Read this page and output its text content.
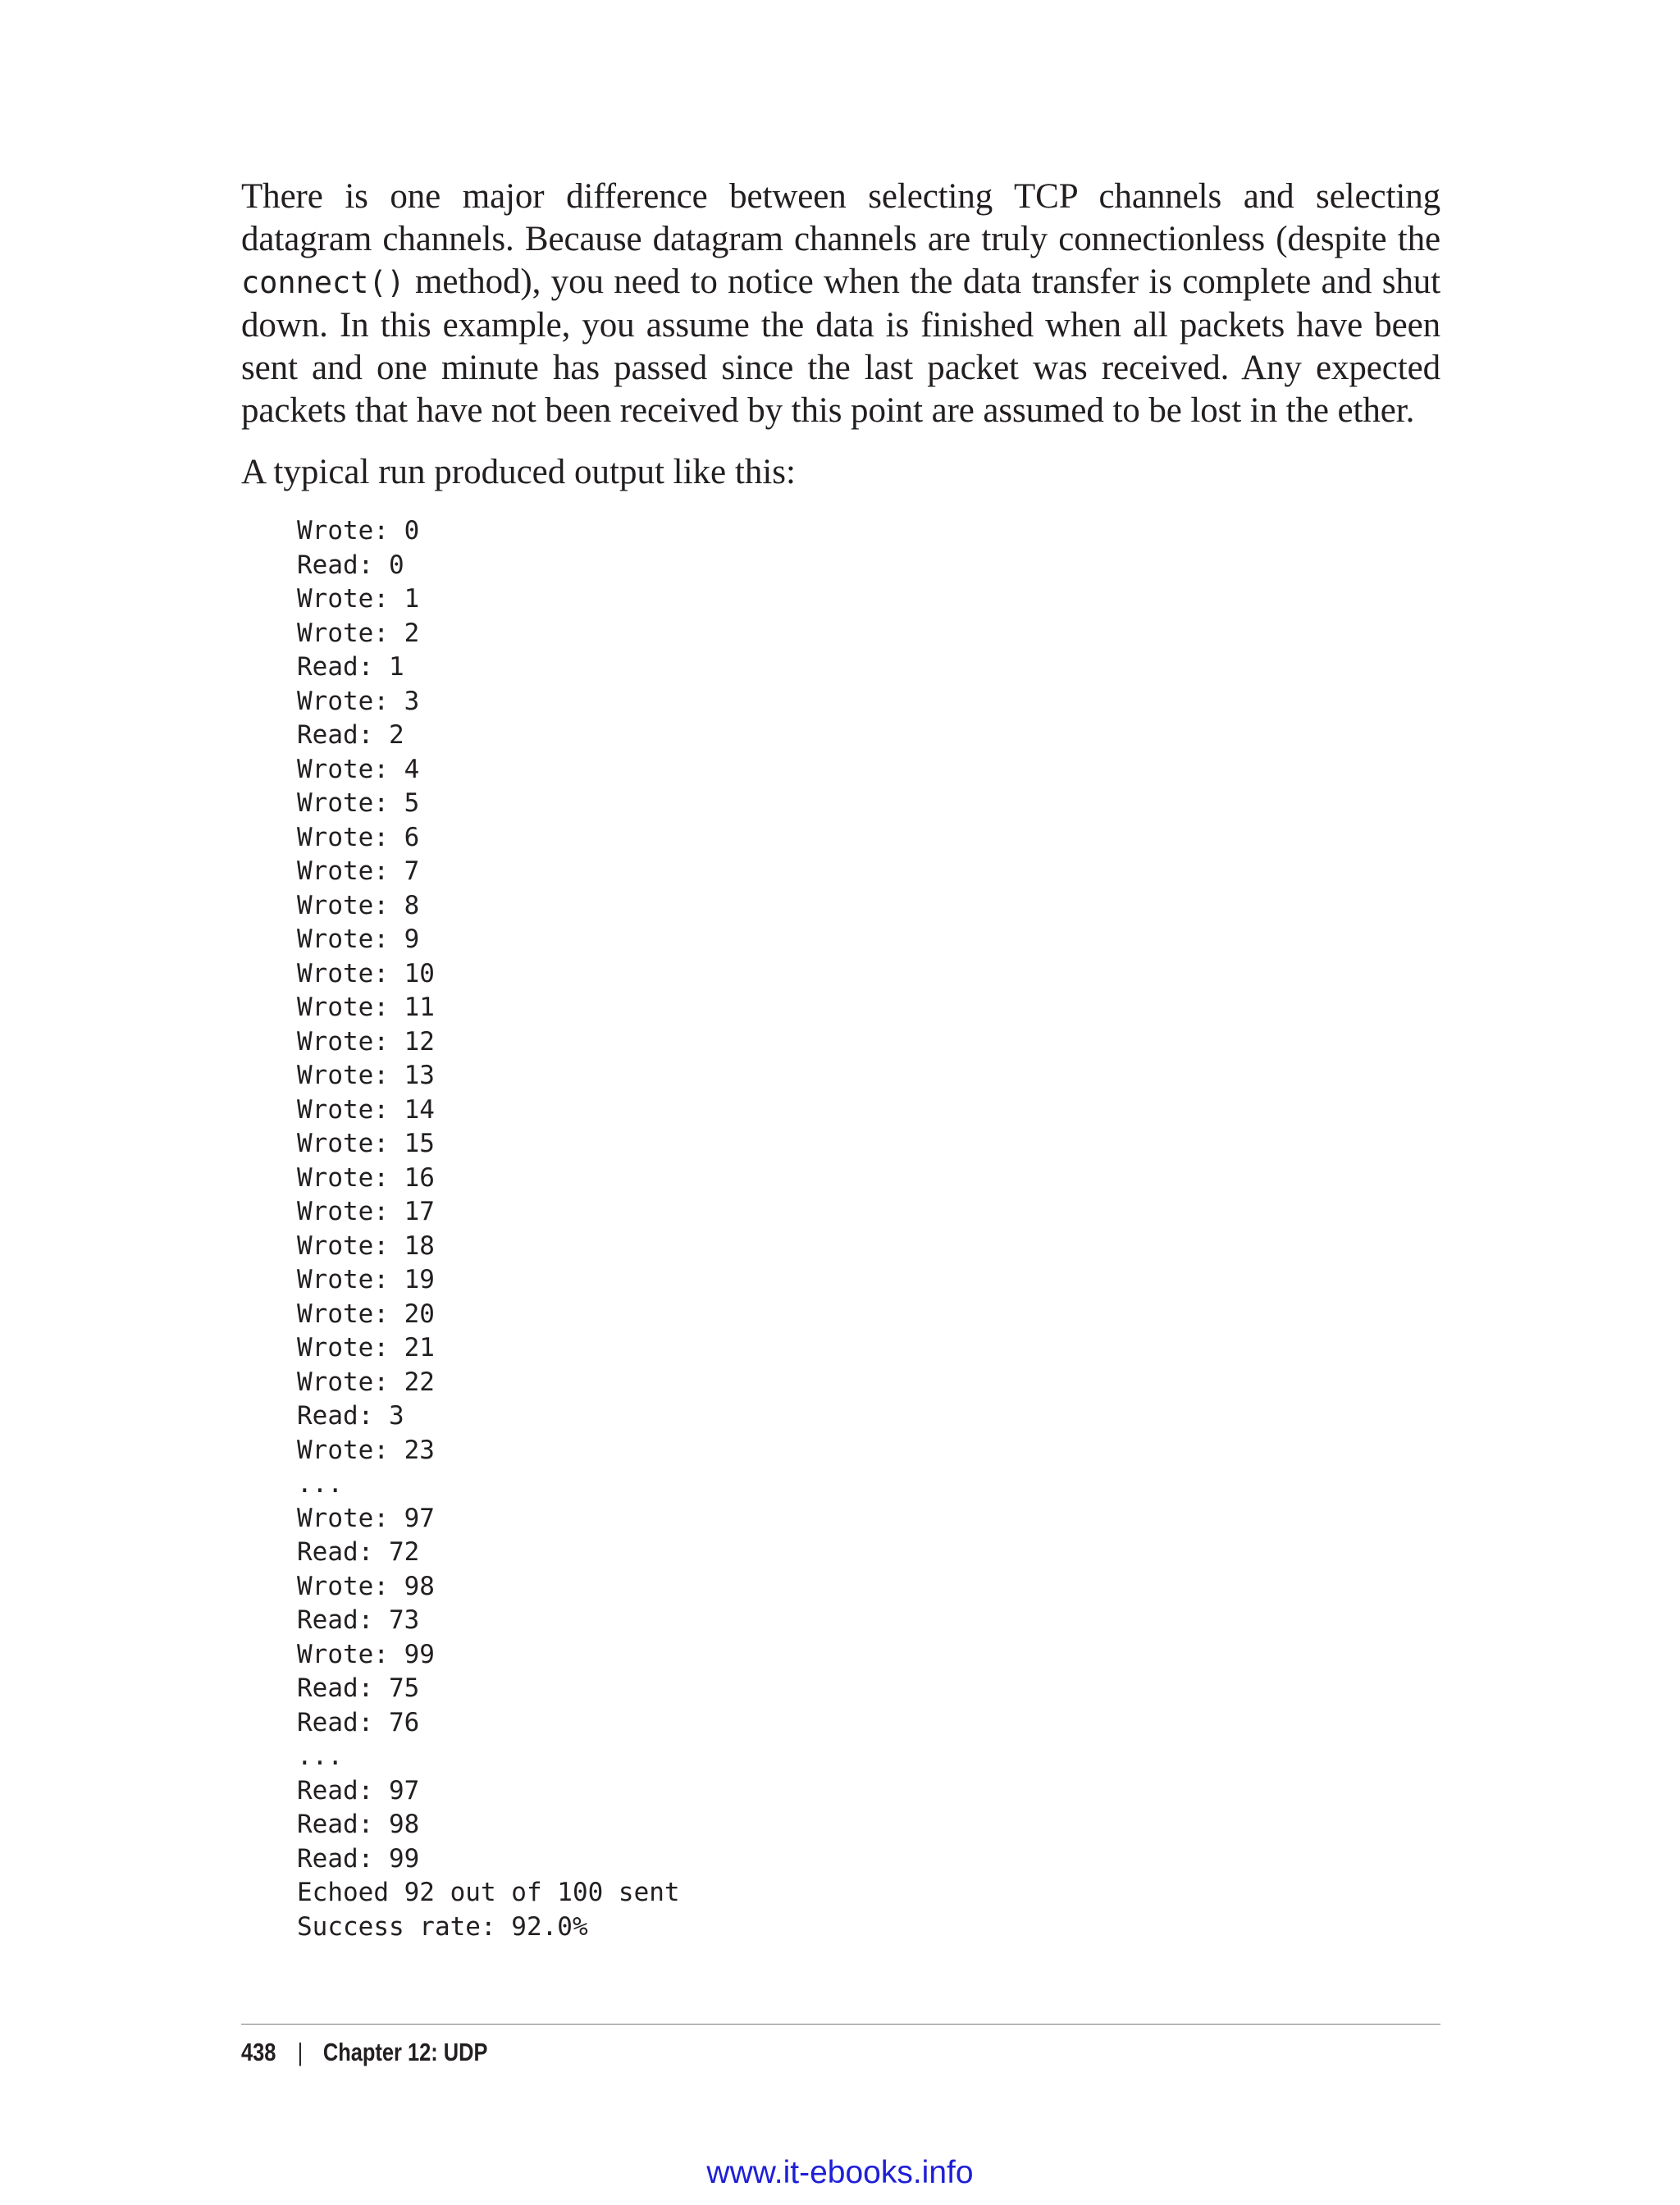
There is one major difference between selecting TCP channels and selecting datagram channels. Because datagram channels are truly connectionless (despite the connect() method), you need to notice when the data transfer is complete and shut down. In this example, you assume the data is finished when all packets have been sent and one minute has passed since the last packet was received. Any expected packets that have not been received by this point are assumed to be lost in the ether.

A typical run produced output like this:

Wrote: 0
Read: 0
Wrote: 1
Wrote: 2
Read: 1
Wrote: 3
Read: 2
Wrote: 4
Wrote: 5
Wrote: 6
Wrote: 7
Wrote: 8
Wrote: 9
Wrote: 10
Wrote: 11
Wrote: 12
Wrote: 13
Wrote: 14
Wrote: 15
Wrote: 16
Wrote: 17
Wrote: 18
Wrote: 19
Wrote: 20
Wrote: 21
Wrote: 22
Read: 3
Wrote: 23
...
Wrote: 97
Read: 72
Wrote: 98
Read: 73
Wrote: 99
Read: 75
Read: 76
...
Read: 97
Read: 98
Read: 99
Echoed 92 out of 100 sent
Success rate: 92.0%
438 | Chapter 12: UDP
www.it-ebooks.info
